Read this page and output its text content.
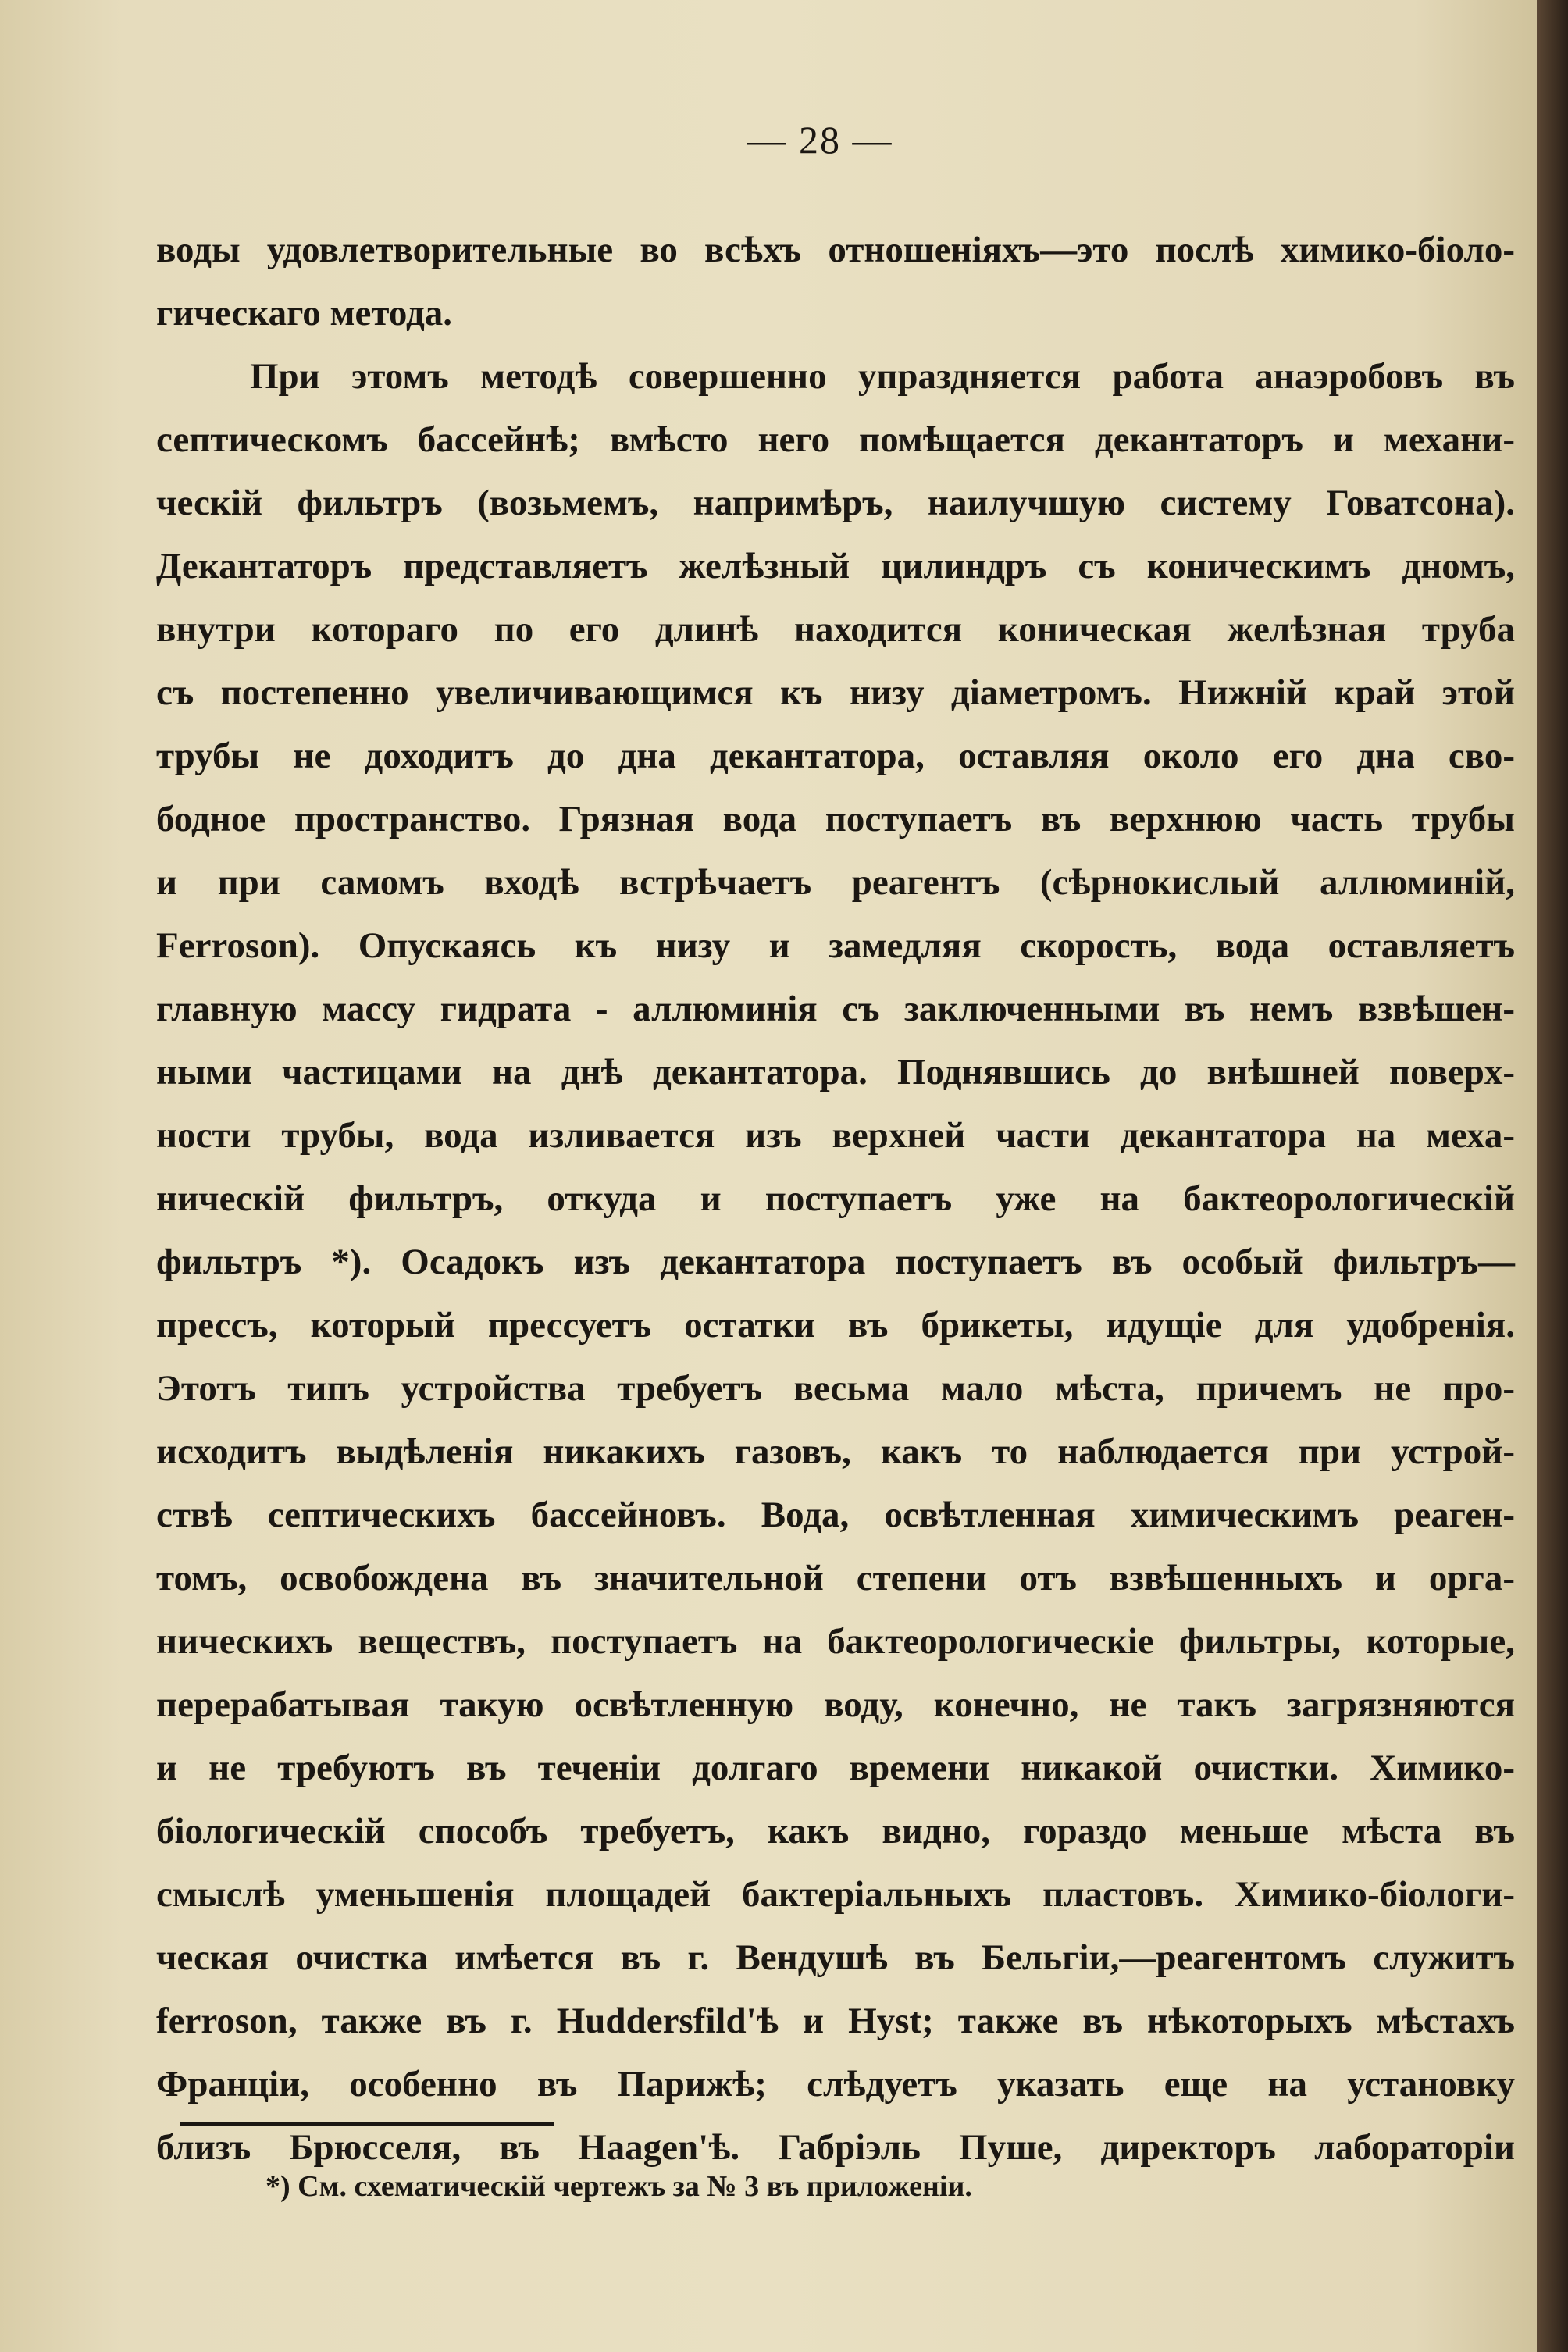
— 28 —
воды удовлетворительные во всѣхъ отношеніяхъ—это послѣ химико-біоло-
гическаго метода.
При этомъ методѣ совершенно упраздняется работа анаэробовъ въ
септическомъ бассейнѣ; вмѣсто него помѣщается декантаторъ и механи-
ческій фильтръ (возьмемъ, напримѣръ, наилучшую систему Говатсона).
Декантаторъ представляетъ желѣзный цилиндръ съ коническимъ дномъ,
внутри котораго по его длинѣ находится коническая желѣзная труба
съ постепенно увеличивающимся къ низу діаметромъ. Нижній край этой
трубы не доходитъ до дна декантатора, оставляя около его дна сво-
бодное пространство. Грязная вода поступаетъ въ верхнюю часть трубы
и при самомъ входѣ встрѣчаетъ реагентъ (сѣрнокислый аллюминій,
Ferroson). Опускаясь къ низу и замедляя скорость, вода оставляетъ
главную массу гидрата - аллюминія съ заключенными въ немъ взвѣшен-
ными частицами на днѣ декантатора. Поднявшись до внѣшней поверх-
ности трубы, вода изливается изъ верхней части декантатора на меха-
ническій фильтръ, откуда и поступаетъ уже на бактеорологическій
фильтръ *). Осадокъ изъ декантатора поступаетъ въ особый фильтръ—
прессъ, который прессуетъ остатки въ брикеты, идущіе для удобренія.
Этотъ типъ устройства требуетъ весьма мало мѣста, причемъ не про-
исходитъ выдѣленія никакихъ газовъ, какъ то наблюдается при устрой-
ствѣ септическихъ бассейновъ. Вода, освѣтленная химическимъ реаген-
томъ, освобождена въ значительной степени отъ взвѣшенныхъ и орга-
ническихъ веществъ, поступаетъ на бактеорологическіе фильтры, которые,
перерабатывая такую освѣтленную воду, конечно, не такъ загрязняются
и не требуютъ въ теченіи долгаго времени никакой очистки. Химико-
біологическій способъ требуетъ, какъ видно, гораздо меньше мѣста въ
смыслѣ уменьшенія площадей бактеріальныхъ пластовъ. Химико-біологи-
ческая очистка имѣется въ г. Вендушѣ въ Бельгіи,—реагентомъ служитъ
ferroson, также въ г. Huddersfild'ѣ и Hyst; также въ нѣкоторыхъ мѣстахъ
Франціи, особенно въ Парижѣ; слѣдуетъ указать еще на установку
близъ Брюсселя, въ Haagen'ѣ. Габріэль Пуше, директоръ лабораторіи
*) См. схематическій чертежъ за № 3 въ приложеніи.
